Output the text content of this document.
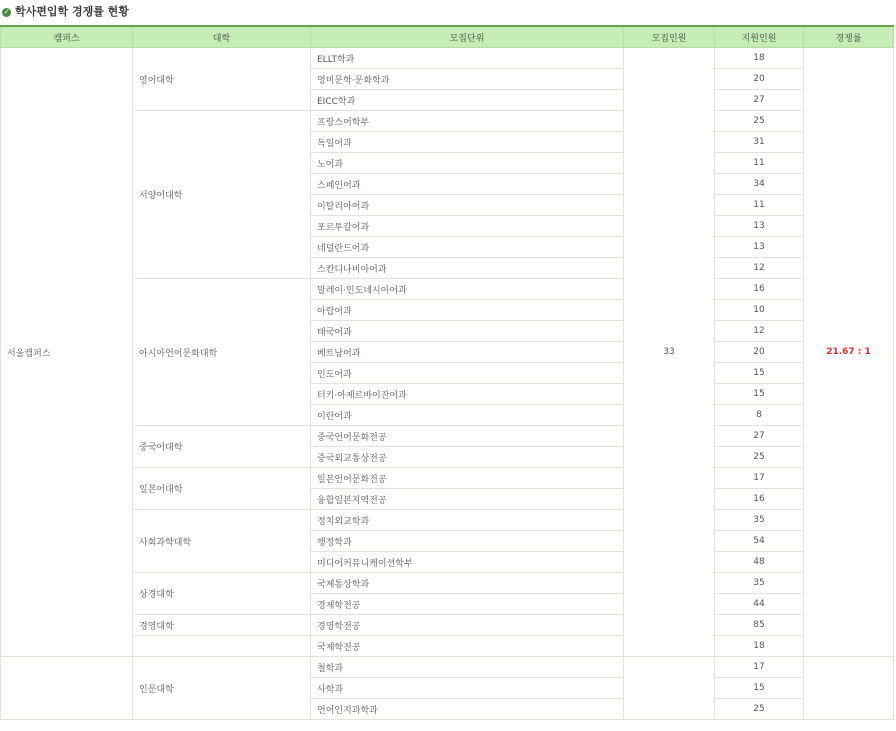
✓ 학사편입학 경쟁률 현황
캠퍼스	대학	모집단위	모집인원	지원인원	경쟁률
서울캠퍼스	영어대학	ELLT학과	33	18	21.67 : 1
		영미문학·문화학과		20	
		EICC학과		27	
	서양어대학	프랑스어학부		25	
		독일어과		31	
		노어과		11	
		스페인어과		34	
		이탈리아어과		11	
		포르투갈어과		13	
		네덜란드어과		13	
		스칸디나비아어과		12	
	아시아언어문화대학	말레이·인도네시아어과		16	
		아랍어과		10	
		태국어과		12	
		베트남어과		20	
		인도어과		15	
		터키·아제르바이잔어과		15	
		이란어과		8	
	중국어대학	중국언어문화전공		27	
		중국외교통상전공		25	
	일본어대학	일본언어문화전공		17	
		융합일본지역전공		16	
	사회과학대학	정치외교학과		35	
		행정학과		54	
		미디어커뮤니케이션학부		48	
	상경대학	국제통상학과		35	
		경제학전공		44	
	경영대학	경영학전공		85	
		국제학전공		18	
	인문대학	철학과		17	
		사학과		15	
		언어인지과학과		25	
